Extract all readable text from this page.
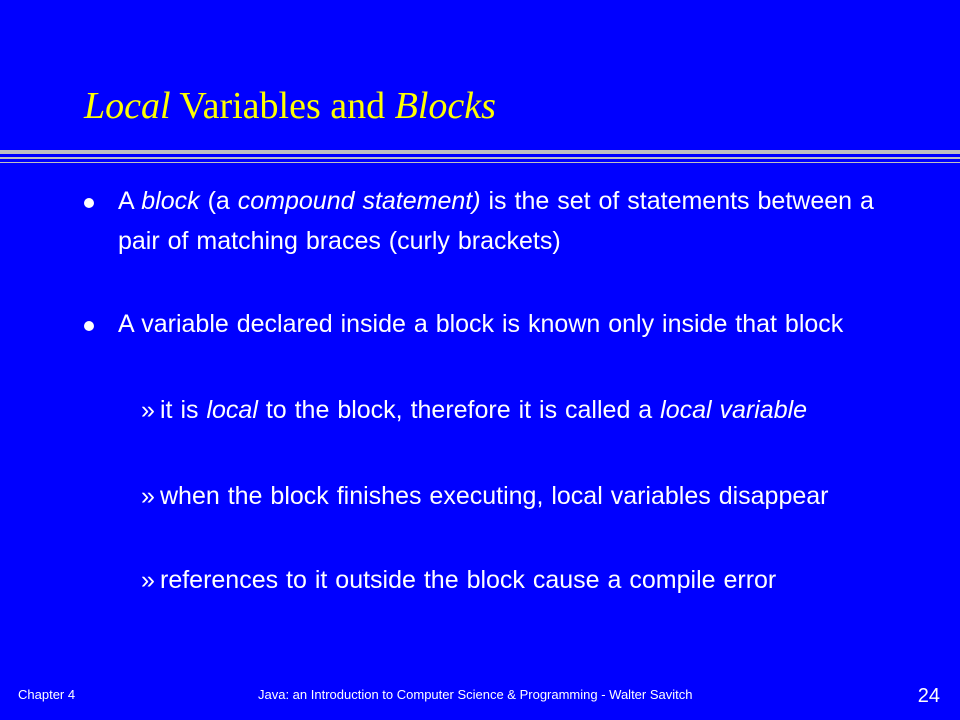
Local Variables and Blocks
A block (a compound statement) is the set of statements between a pair of matching braces (curly brackets)
A variable declared inside a block is known only inside that block
» it is local to the block, therefore it is called a local variable
» when the block finishes executing, local variables disappear
» references to it outside the block cause a compile error
Chapter 4	Java: an Introduction to Computer Science & Programming - Walter Savitch	24
